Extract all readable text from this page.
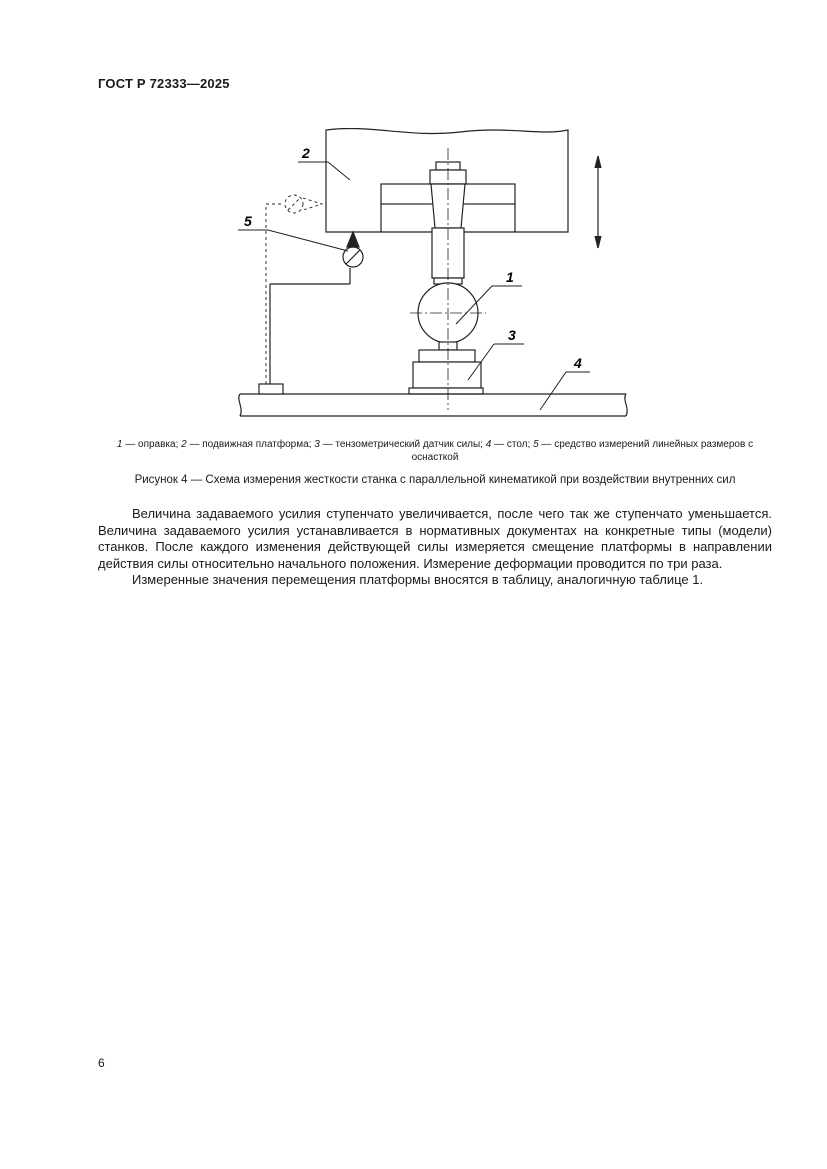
ГОСТ Р 72333—2025
2
5
1
3
4
1 — оправка; 2 — подвижная платформа; 3 — тензометрический датчик силы; 4 — стол; 5 — средство измерений линейных размеров с оснасткой
Рисунок 4 — Схема измерения жесткости станка с параллельной кинематикой при воздействии внутренних сил

Величина задаваемого усилия ступенчато увеличивается, после чего так же ступенчато уменьшается. Величина задаваемого усилия устанавливается в нормативных документах на конкретные типы (модели) станков. После каждого изменения действующей силы измеряется смещение платформы в направлении действия силы относительно начального положения. Измерение деформации проводится по три раза.

Измеренные значения перемещения платформы вносятся в таблицу, аналогичную таблице 1.

6
